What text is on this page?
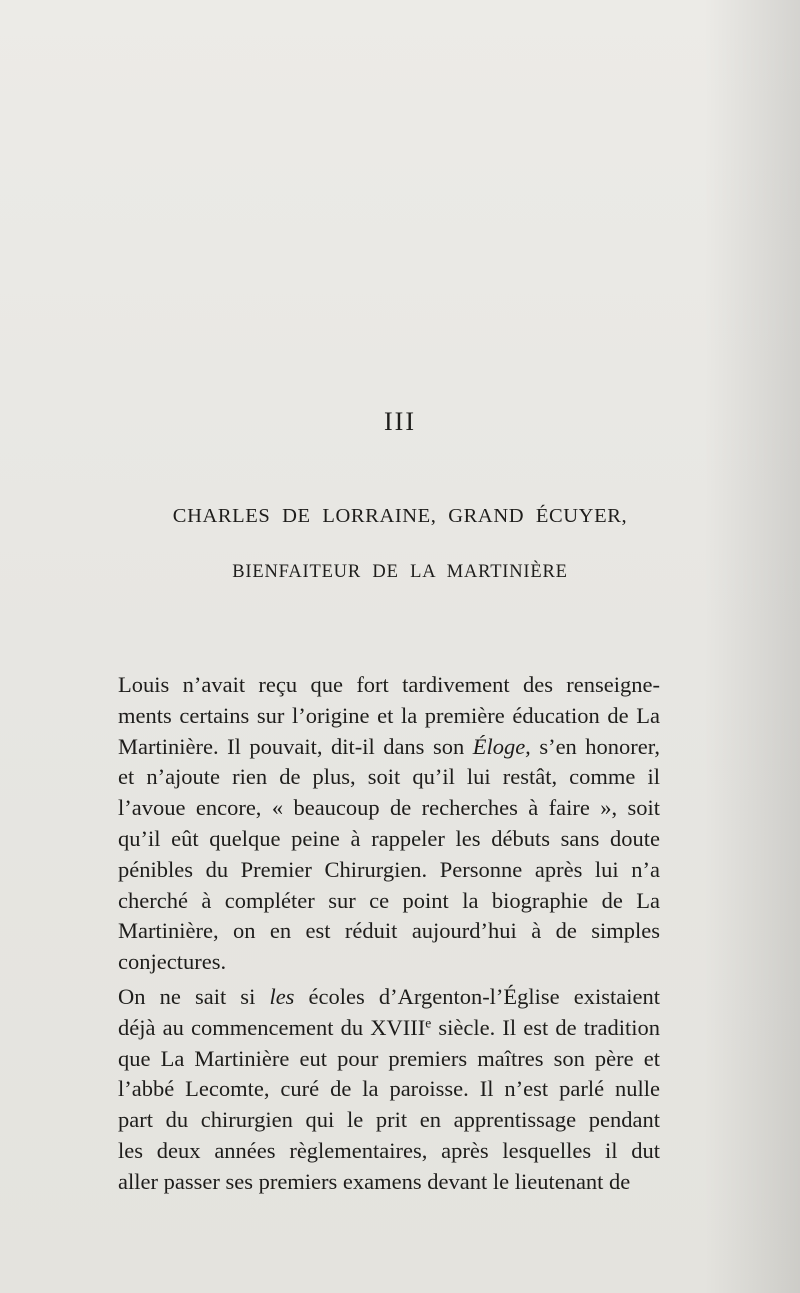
III
CHARLES DE LORRAINE, GRAND ÉCUYER,
BIENFAITEUR DE LA MARTINIÈRE

Louis n’avait reçu que fort tardivement des renseigne-
ments certains sur l’origine et la première éducation de La
Martinière. Il pouvait, dit-il dans son Éloge, s’en honorer,
et n’ajoute rien de plus, soit qu’il lui restât, comme il
l’avoue encore, « beaucoup de recherches à faire », soit
qu’il eût quelque peine à rappeler les débuts sans doute
pénibles du Premier Chirurgien. Personne après lui n’a
cherché à compléter sur ce point la biographie de La
Martinière, on en est réduit aujourd’hui à de simples
conjectures.

On ne sait si les écoles d’Argenton-l’Église existaient
déjà au commencement du XVIIIe siècle. Il est de tradition
que La Martinière eut pour premiers maîtres son père et
l’abbé Lecomte, curé de la paroisse. Il n’est parlé nulle
part du chirurgien qui le prit en apprentissage pendant
les deux années règlementaires, après lesquelles il dut
aller passer ses premiers examens devant le lieutenant de
